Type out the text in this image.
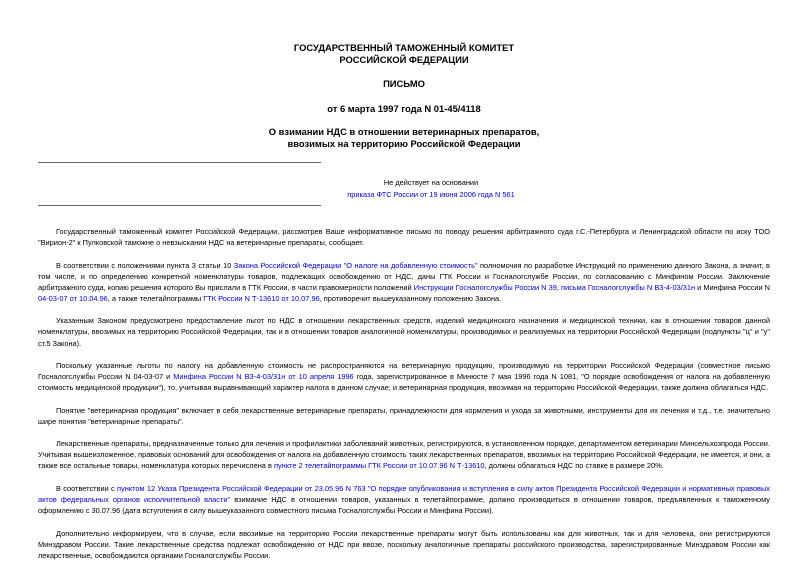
ГОСУДАРСТВЕННЫЙ ТАМОЖЕННЫЙ КОМИТЕТ
РОССИЙСКОЙ ФЕДЕРАЦИИ
ПИСЬМО
от 6 марта 1997 года N 01-45/4118
О взимании НДС в отношении ветеринарных препаратов,
ввозимых на территорию Российской Федерации
Не действует на основании
приказа ФТС России от 19 июня 2006 года N 561

Государственный таможенный комитет Российской Федерации, рассмотрев Ваше информативное письмо по поводу решения арбитражного суда г.С.-Петербурга и Ленинградской области по иску ТОО "Вирион-2" к Пулковской таможне о невзыскании НДС на ветеринарные препараты, сообщает.

В соответствии с положениями пункта 3 статьи 10 Закона Российской Федерации "О налоге на добавленную стоимость" полномочия по разработке Инструкций по применению данного Закона, а значит, в том числе, и по определению конкретной номенклатуры товаров, подлежащих освобождению от НДС, даны ГТК России и Госналогслужбе России, по согласованию с Минфином России. Заключение арбитражного суда, копию решения которого Вы прислали в ГТК России, в части правомерности положений Инструкции Госналогслужбы России N 39, письма Госналогслужбы N ВЗ-4-03/31н и Минфина России N 04-03-07 от 10.04.96, а также телетайпограммы ГТК России N Т-13610 от 10.07.96, противоречит вышеуказанному положению Закона.

Указанным Законом предусмотрено предоставление льгот по НДС в отношении лекарственных средств, изделий медицинского назначения и медицинской техники, как в отношении товаров данной номенклатуры, ввозимых на территорию Российской Федерации, так и в отношении товаров аналогичной номенклатуры, производимых и реализуемых на территории Российской Федерации (подпункты "ц" и "у" ст.5 Закона).

Поскольку указанные льготы по налогу на добавленную стоимость не распространяются на ветеринарную продукцию, производимую на территории Российской Федерации (совместное письмо Госналогслужбы России N 04-03-07 и Минфина России N ВЗ-4-03/31н от 10 апреля 1996 года, зарегистрированное в Минюсте 7 мая 1996 года N 1081, "О порядке освобождения от налога на добавленную стоимость медицинской продукции"), то, учитывая выравнивающий характер налога в данном случае, и ветеринарная продукция, ввозимая на территорию Российской Федерации, также должна облагаться НДС.

Понятие "ветеринарная продукция" включает в себя лекарственные ветеринарные препараты, принадлежности для кормления и ухода за животными, инструменты для их лечения и т.д., т.е. значительно шире понятия "ветеринарные препараты".

Лекарственные препараты, предназначенные только для лечения и профилактики заболеваний животных, регистрируются, в установленном порядке, департаментом ветеринарии Минсельхозпрода России. Учитывая вышеизложенное, правовых оснований для освобождения от налога на добавленную стоимость таких лекарственных препаратов, ввозимых на территорию Российской Федерации, не имеется, и они, а также все остальные товары, номенклатура которых перечислена в пункте 2 телетайпограммы ГТК России от 10.07.96 N Т-13610, должны облагаться НДС по ставке в размере 20%.

В соответствии с пунктом 12 Указа Президента Российской Федерации от 23.05.96 N 763 "О порядке опубликования и вступления в силу актов Президента Российской Федерации и нормативных правовых актов федеральных органов исполнительной власти" взимание НДС в отношении товаров, указанных в телетайпограмме, должно производиться в отношении товаров, предъявленных к таможенному оформлению с 30.07.96 (дата вступления в силу вышеуказанного совместного письма Госналогслужбы России и Минфина России).

Дополнительно информируем, что в случае, если ввозимые на территорию России лекарственные препараты могут быть использованы как для животных, так и для человека, они регистрируются Минздравом России. Такие лекарственные средства подлежат освобождению от НДС при ввозе, поскольку аналогичные препараты российского производства, зарегистрированные Минздравом России как лекарственные, освобождаются органами Госналогслужбы России.
